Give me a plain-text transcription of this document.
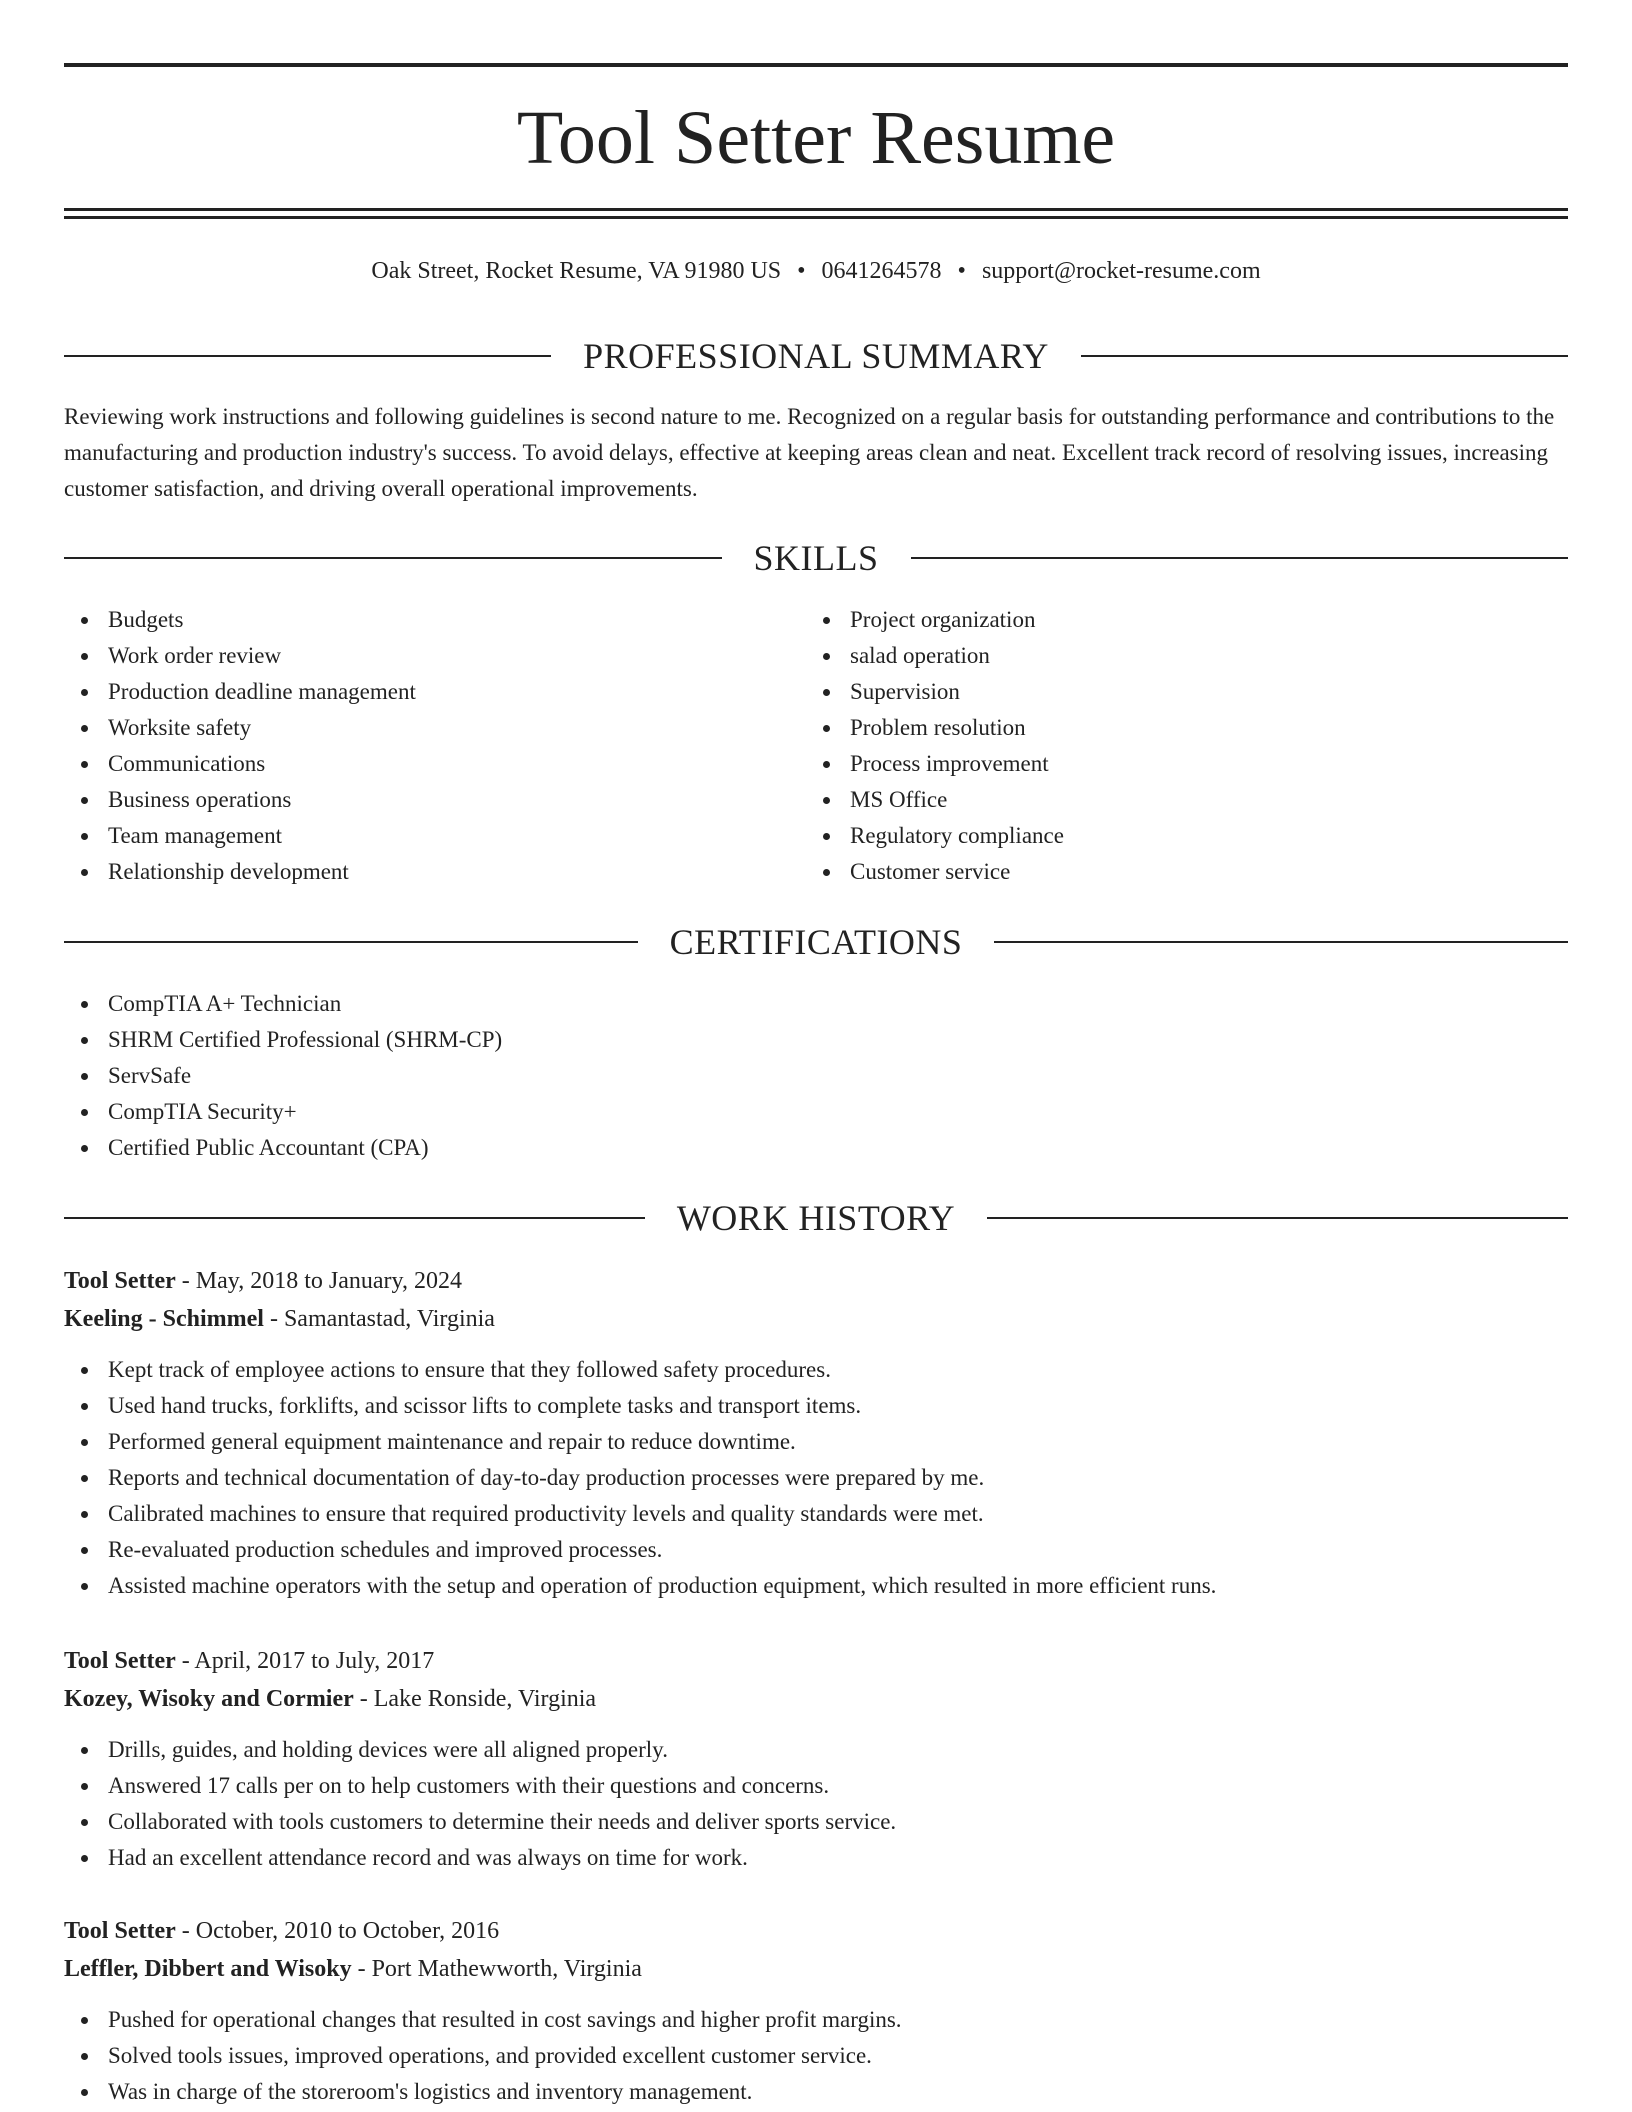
Tool Setter Resume
Oak Street, Rocket Resume, VA 91980 US • 0641264578 • support@rocket-resume.com
PROFESSIONAL SUMMARY

Reviewing work instructions and following guidelines is second nature to me. Recognized on a regular basis for outstanding performance and contributions to the manufacturing and production industry's success. To avoid delays, effective at keeping areas clean and neat. Excellent track record of resolving issues, increasing customer satisfaction, and driving overall operational improvements.

SKILLS
Budgets
Work order review
Production deadline management
Worksite safety
Communications
Business operations
Team management
Relationship development
Project organization
salad operation
Supervision
Problem resolution
Process improvement
MS Office
Regulatory compliance
Customer service
CERTIFICATIONS
CompTIA A+ Technician
SHRM Certified Professional (SHRM-CP)
ServSafe
CompTIA Security+
Certified Public Accountant (CPA)
WORK HISTORY
Tool Setter - May, 2018 to January, 2024
Keeling - Schimmel - Samantastad, Virginia
Kept track of employee actions to ensure that they followed safety procedures.
Used hand trucks, forklifts, and scissor lifts to complete tasks and transport items.
Performed general equipment maintenance and repair to reduce downtime.
Reports and technical documentation of day-to-day production processes were prepared by me.
Calibrated machines to ensure that required productivity levels and quality standards were met.
Re-evaluated production schedules and improved processes.
Assisted machine operators with the setup and operation of production equipment, which resulted in more efficient runs.
Tool Setter - April, 2017 to July, 2017
Kozey, Wisoky and Cormier - Lake Ronside, Virginia
Drills, guides, and holding devices were all aligned properly.
Answered 17 calls per on to help customers with their questions and concerns.
Collaborated with tools customers to determine their needs and deliver sports service.
Had an excellent attendance record and was always on time for work.
Tool Setter - October, 2010 to October, 2016
Leffler, Dibbert and Wisoky - Port Mathewworth, Virginia
Pushed for operational changes that resulted in cost savings and higher profit margins.
Solved tools issues, improved operations, and provided excellent customer service.
Was in charge of the storeroom's logistics and inventory management.
